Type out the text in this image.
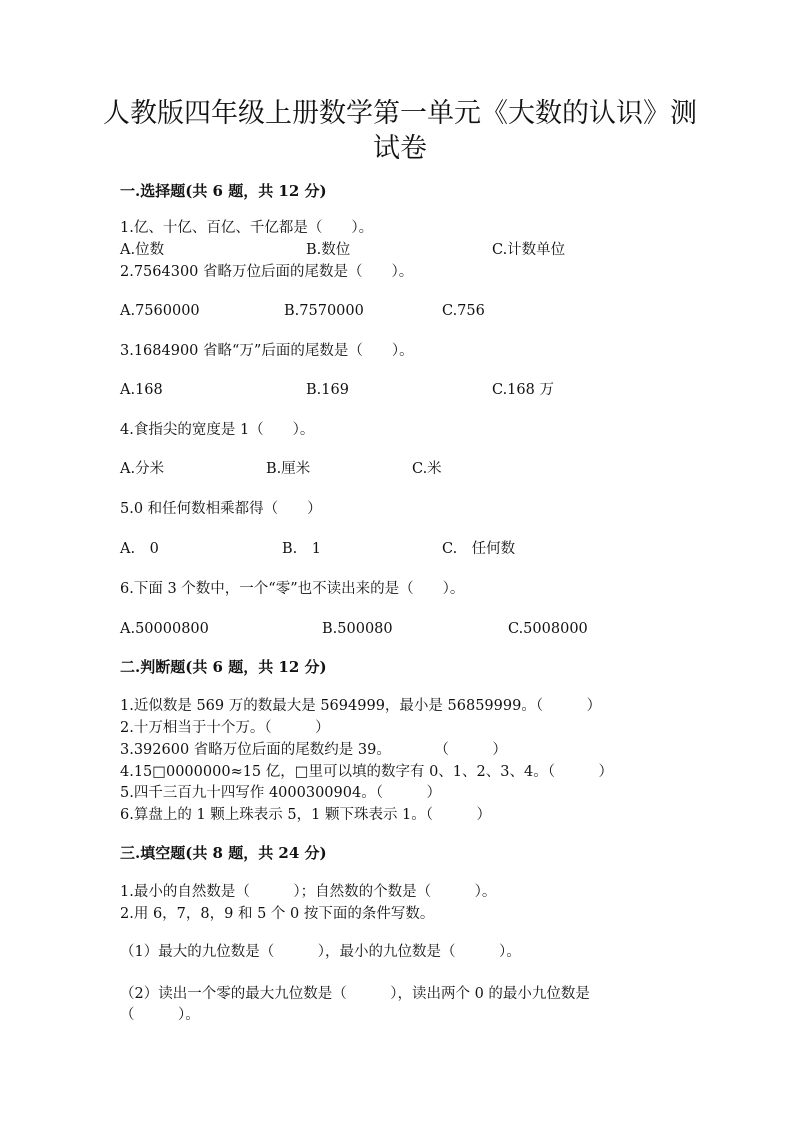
人教版四年级上册数学第一单元《大数的认识》测
试卷
一.选择题(共 6 题，共 12 分)
1.亿、十亿、百亿、千亿都是（　　）。
A.位数	B.数位	C.计数单位
2.7564300 省略万位后面的尾数是（　　）。
A.7560000	B.7570000	C.756
3.1684900 省略“万”后面的尾数是（　　）。
A.168	B.169	C.168 万
4.食指尖的宽度是 1（　　）。
A.分米	B.厘米	C.米
5.0 和任何数相乘都得（　　）
A.　0	B.　1	C.　任何数
6.下面 3 个数中，一个“零”也不读出来的是（　　）。
A.50000800	B.500080	C.5008000
二.判断题(共 6 题，共 12 分)
1.近似数是 569 万的数最大是 5694999，最小是 56859999。（　　　）
2.十万相当于十个万。（　　　）
3.392600 省略万位后面的尾数约是 39。　　　　（　　　）
4.15□0000000≈15 亿，□里可以填的数字有 0、1、2、3、4。（　　　）
5.四千三百九十四写作 4000300904。（　　　）
6.算盘上的 1 颗上珠表示 5，1 颗下珠表示 1。（　　　）
三.填空题(共 8 题，共 24 分)
1.最小的自然数是（　　　）；自然数的个数是（　　　）。
2.用 6，7，8，9 和 5 个 0 按下面的条件写数。
（1）最大的九位数是（　　　），最小的九位数是（　　　）。
（2）读出一个零的最大九位数是（　　　），读出两个 0 的最小九位数是
（　　　）。
